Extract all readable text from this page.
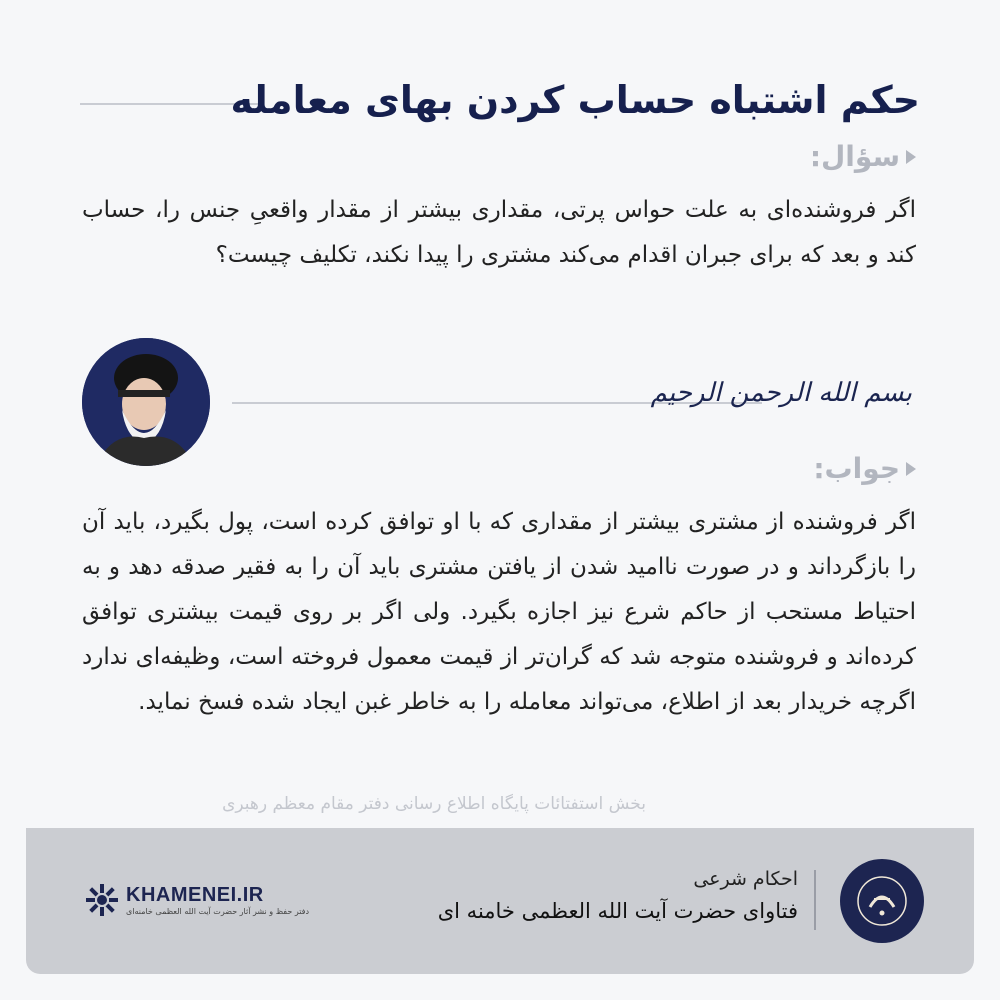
حکم اشتباه حساب کردن بهای معامله
سؤال:
اگر فروشنده‌ای به علت حواس پرتی، مقداری بیشتر از مقدار واقعیِ جنس را، حساب کند و بعد که برای جبران اقدام می‌کند مشتری را پیدا نکند، تکلیف چیست؟
بسم الله الرحمن الرحیم
جواب:
اگر فروشنده از مشتری بیشتر از مقداری که با او توافق کرده است، پول بگیرد، باید آن را بازگرداند و در صورت ناامید شدن از یافتن مشتری باید آن را به فقیر صدقه دهد و به احتیاط مستحب از حاکم شرع نیز اجازه بگیرد. ولی اگر بر روی قیمت بیشتری توافق کرده‌اند و فروشنده متوجه شد که گران‌تر از قیمت معمول فروخته است، وظیفه‌ای ندارد اگرچه خریدار بعد از اطلاع، می‌تواند معامله را به خاطر غبن ایجاد شده فسخ نماید.
بخش استفتائات پایگاه اطلاع رسانی دفتر مقام معظم رهبری
احکام شرعی
فتاوای حضرت آیت الله العظمی خامنه ای
KHAMENEI.IR
دفتر حفظ و نشر آثار حضرت آیت الله العظمی خامنه‌ای
